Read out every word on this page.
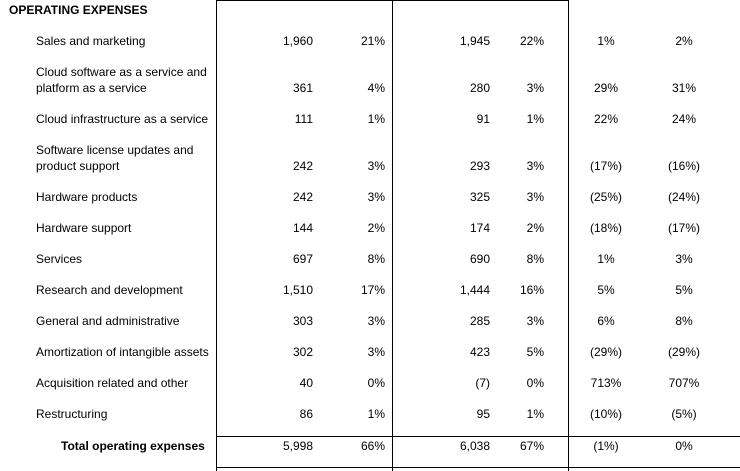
OPERATING EXPENSES
Sales and marketing	1,960	21%	1,945	22%	1%	2%
Cloud software as a service and platform as a service	361	4%	280	3%	29%	31%
Cloud infrastructure as a service	111	1%	91	1%	22%	24%
Software license updates and product support	242	3%	293	3%	(17%)	(16%)
Hardware products	242	3%	325	3%	(25%)	(24%)
Hardware support	144	2%	174	2%	(18%)	(17%)
Services	697	8%	690	8%	1%	3%
Research and development	1,510	17%	1,444	16%	5%	5%
General and administrative	303	3%	285	3%	6%	8%
Amortization of intangible assets	302	3%	423	5%	(29%)	(29%)
Acquisition related and other	40	0%	(7)	0%	713%	707%
Restructuring	86	1%	95	1%	(10%)	(5%)
Total operating expenses	5,998	66%	6,038	67%	(1%)	0%
